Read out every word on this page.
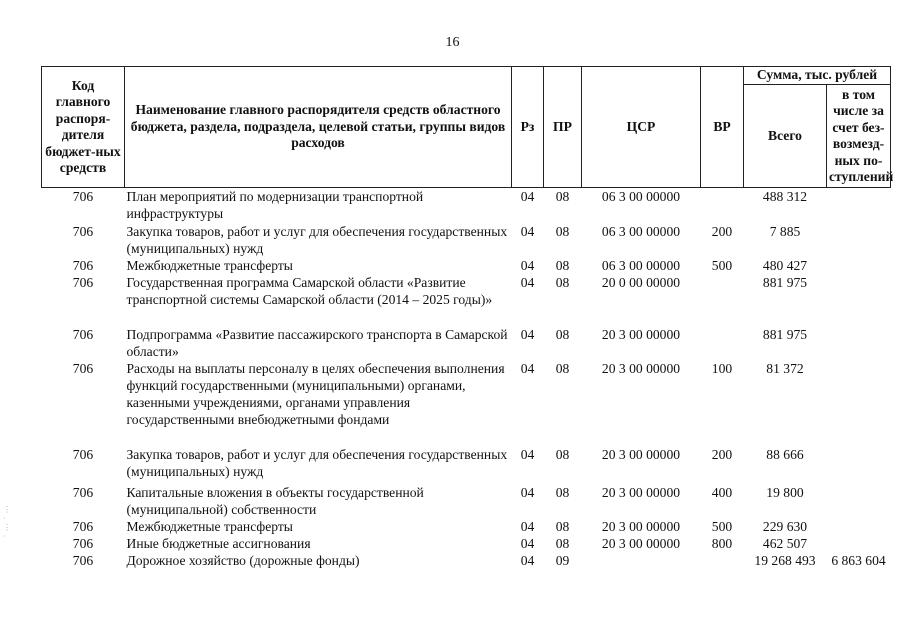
16
Код главного распоря-дителя бюджет-ных средств	Наименование главного распорядителя средств областного бюджета, раздела, подраздела, целевой статьи, группы видов расходов	Рз	ПР	ЦСР	ВР	Сумма, тыс. рублей	
						Всего	в том числе за счет без-возмезд-ных по-ступлений
706	План мероприятий по модернизации транспортной инфраструктуры	04	08	06 3 00 00000		488 312	
706	Закупка товаров, работ и услуг для обеспечения государственных (муниципальных) нужд	04	08	06 3 00 00000	200	7 885	
706	Межбюджетные трансферты	04	08	06 3 00 00000	500	480 427	
706	Государственная программа Самарской области «Развитие транспортной системы Самарской области (2014 – 2025 годы)»	04	08	20 0 00 00000		881 975	
706	Подпрограмма «Развитие пассажирского транспорта в Самарской области»	04	08	20 3 00 00000		881 975	
706	Расходы на выплаты персоналу в целях обеспечения выполнения функций государственными (муниципальными) органами, казенными учреждениями, органами управления государственными внебюджетными фондами	04	08	20 3 00 00000	100	81 372	
706	Закупка товаров, работ и услуг для обеспечения государственных (муниципальных) нужд	04	08	20 3 00 00000	200	88 666	
706	Капитальные вложения в объекты государственной (муниципальной) собственности	04	08	20 3 00 00000	400	19 800	
706	Межбюджетные трансферты	04	08	20 3 00 00000	500	229 630	
706	Иные бюджетные ассигнования	04	08	20 3 00 00000	800	462 507	
706	Дорожное хозяйство (дорожные фонды)	04	09			19 268 493	6 863 604
⋮
·
⋮
·
